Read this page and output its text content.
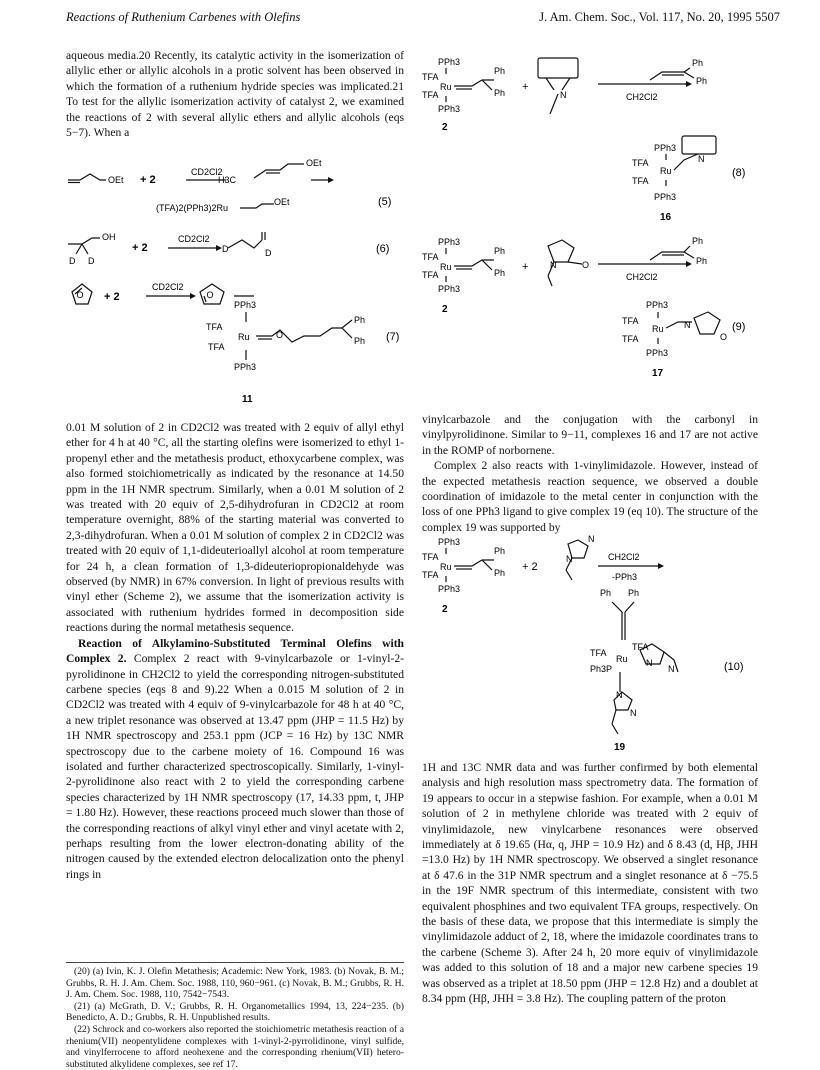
Reactions of Ruthenium Carbenes with Olefins	J. Am. Chem. Soc., Vol. 117, No. 20, 1995 5507

aqueous media.20 Recently, its catalytic activity in the isomerization of allylic ether or allylic alcohols in a protic solvent has been observed in which the formation of a ruthenium hydride species was implicated.21 To test for the allylic isomerization activity of catalyst 2, we examined the reactions of 2 with several allylic ethers and allylic alcohols (eqs 5−7). When a

OEt + 2
CD2Cl2
H3C
OEt
(TFA)2(PPh3)2Ru
OEt	(5)
OH
D D
+ 2
CD2Cl2
D	D	(6)
O	O
+ 2
CD2Cl2
PPh3
TFA
Ru
TFA
PPh3
O
Ph
Ph (7)
11

0.01 M solution of 2 in CD2Cl2 was treated with 2 equiv of allyl ethyl ether for 4 h at 40 °C, all the starting olefins were isomerized to ethyl 1-propenyl ether and the metathesis product, ethoxycarbene complex, was also formed stoichiometrically as indicated by the resonance at 14.50 ppm in the 1H NMR spectrum. Similarly, when a 0.01 M solution of 2 was treated with 20 equiv of 2,5-dihydrofuran in CD2Cl2 at room temperature overnight, 88% of the starting material was converted to 2,3-dihydrofuran. When a 0.01 M solution of complex 2 in CD2Cl2 was treated with 20 equiv of 1,1-dideuterioallyl alcohol at room temperature for 24 h, a clean formation of 1,3-dideuteriopropionaldehyde was observed (by NMR) in 67% conversion. In light of previous results with vinyl ether (Scheme 2), we assume that the isomerization activity is associated with ruthenium hydrides formed in decomposition side reactions during the normal metathesis sequence.

Reaction of Alkylamino-Substituted Terminal Olefins with Complex 2. Complex 2 react with 9-vinylcarbazole or 1-vinyl-2-pyrolidinone in CH2Cl2 to yield the corresponding nitrogen-substituted carbene species (eqs 8 and 9).22 When a 0.015 M solution of 2 in CD2Cl2 was treated with 4 equiv of 9-vinylcarbazole for 48 h at 40 °C, a new triplet resonance was observed at 13.47 ppm (JHP = 11.5 Hz) by 1H NMR spectroscopy and 253.1 ppm (JCP = 16 Hz) by 13C NMR spectroscopy due to the carbene moiety of 16. Compound 16 was isolated and further characterized spectroscopically. Similarly, 1-vinyl-2-pyrolidinone also react with 2 to yield the corresponding carbene species characterized by 1H NMR spectroscopy (17, 14.33 ppm, t, JHP = 1.80 Hz). However, these reactions proceed much slower than those of the corresponding reactions of alkyl vinyl ether and vinyl acetate with 2, perhaps resulting from the lower electron-donating ability of the nitrogen caused by the extended electron delocalization onto the phenyl rings in

(20) (a) Ivin, K. J. Olefin Metathesis; Academic: New York, 1983. (b) Novak, B. M.; Grubbs, R. H. J. Am. Chem. Soc. 1988, 110, 960−961. (c) Novak, B. M.; Grubbs, R. H. J. Am. Chem. Soc. 1988, 110, 7542−7543.

(21) (a) McGrath, D. V.; Grubbs, R. H. Organometallics 1994, 13, 224−235. (b) Benedicto, A. D.; Grubbs, R. H. Unpublished results.

(22) Schrock and co-workers also reported the stoichiometric metathesis reaction of a rhenium(VII) neopentylidene complexes with 1-vinyl-2-pyrrolidinone, vinyl sulfide, and vinylferrocene to afford neohexene and the corresponding rhenium(VII) hetero-substituted alkylidene complexes, see ref 17.

PPh3
TFA
Ru
TFA
PPh3
Ph
Ph
2
+
N	CH2Cl2
Ph
Ph
PPh3
TFA
Ru
TFA
PPh3
N
(8)
16
PPh3
TFA
Ru
TFA
PPh3
Ph
Ph
2
+ N	O
CH2Cl2
Ph
Ph
PPh3
TFA
Ru
TFA
PPh3
N
O
(9)
17

vinylcarbazole and the conjugation with the carbonyl in vinylpyrolidinone. Similar to 9−11, complexes 16 and 17 are not active in the ROMP of norbornene.

Complex 2 also reacts with 1-vinylimidazole. However, instead of the expected metathesis reaction sequence, we observed a double coordination of imidazole to the metal center in conjunction with the loss of one PPh3 ligand to give complex 19 (eq 10). The structure of the complex 19 was supported by

PPh3
TFA
Ru
TFA
PPh3
Ph
Ph
2
+ 2
N
N	CH2Cl2
-PPh3
Ph Ph
TFA
TFA
Ru
Ph3P
N
N
N
N
(10)
19

1H and 13C NMR data and was further confirmed by both elemental analysis and high resolution mass spectrometry data. The formation of 19 appears to occur in a stepwise fashion. For example, when a 0.01 M solution of 2 in methylene chloride was treated with 2 equiv of vinylimidazole, new vinylcarbene resonances were observed immediately at δ 19.65 (Hα, q, JHP = 10.9 Hz) and δ 8.43 (d, Hβ, JHH =13.0 Hz) by 1H NMR spectroscopy. We observed a singlet resonance at δ 47.6 in the 31P NMR spectrum and a singlet resonance at δ −75.5 in the 19F NMR spectrum of this intermediate, consistent with two equivalent phosphines and two equivalent TFA groups, respectively. On the basis of these data, we propose that this intermediate is simply the vinylimidazole adduct of 2, 18, where the imidazole coordinates trans to the carbene (Scheme 3). After 24 h, 20 more equiv of vinylimidazole was added to this solution of 18 and a major new carbene species 19 was observed as a triplet at 18.50 ppm (JHP = 12.8 Hz) and a doublet at 8.34 ppm (Hβ, JHH = 3.8 Hz). The coupling pattern of the proton
